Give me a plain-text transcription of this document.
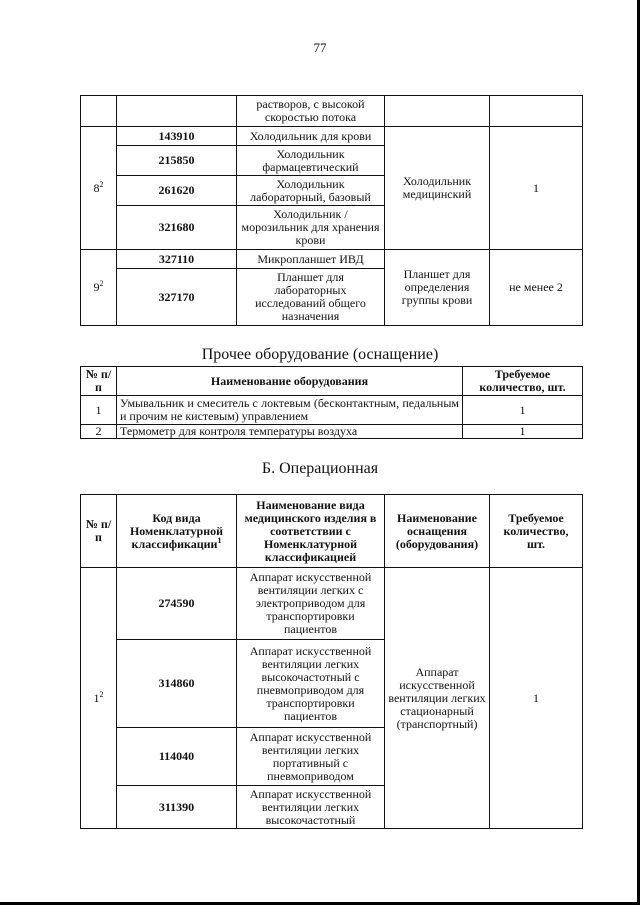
77
		растворов, с высокой скоростью потока		
$8^2$	143910	Холодильник для крови	Холодильник медицинский	1
	215850	Холодильник фармацевтический		
	261620	Холодильник лабораторный, базовый		
	321680	Холодильник /морозильник для хранения крови		
$9^2$	327110	Микропланшет ИВД	Планшет для определения группы крови	не менее 2
	327170	Планшет для лабораторных исследований общего назначения		
Прочее оборудование (оснащение)
№ п/п	Наименование оборудования	Требуемое количество, шт.
1	Умывальник и смеситель с локтевым (бесконтактным, педальным и прочим не кистевым) управлением	1
2	Термометр для контроля температуры воздуха	1
Б. Операционная
№ п/п	Код вида Номенклатурной классификации$^1$	Наименование вида медицинского изделия в соответствии с Номенклатурной классификацией	Наименование оснащения (оборудования)	Требуемое количество, шт.
$1^2$	274590	Аппарат искусственной вентиляции легких с электроприводом для транспортировки пациентов	Аппарат искусственной вентиляции легких стационарный (транспортный)	1
	314860	Аппарат искусственной вентиляции легких высокочастотный с пневмоприводом для транспортировки пациентов		
	114040	Аппарат искусственной вентиляции легких портативный с пневмоприводом		
	311390	Аппарат искусственной вентиляции легких высокочастотный		
